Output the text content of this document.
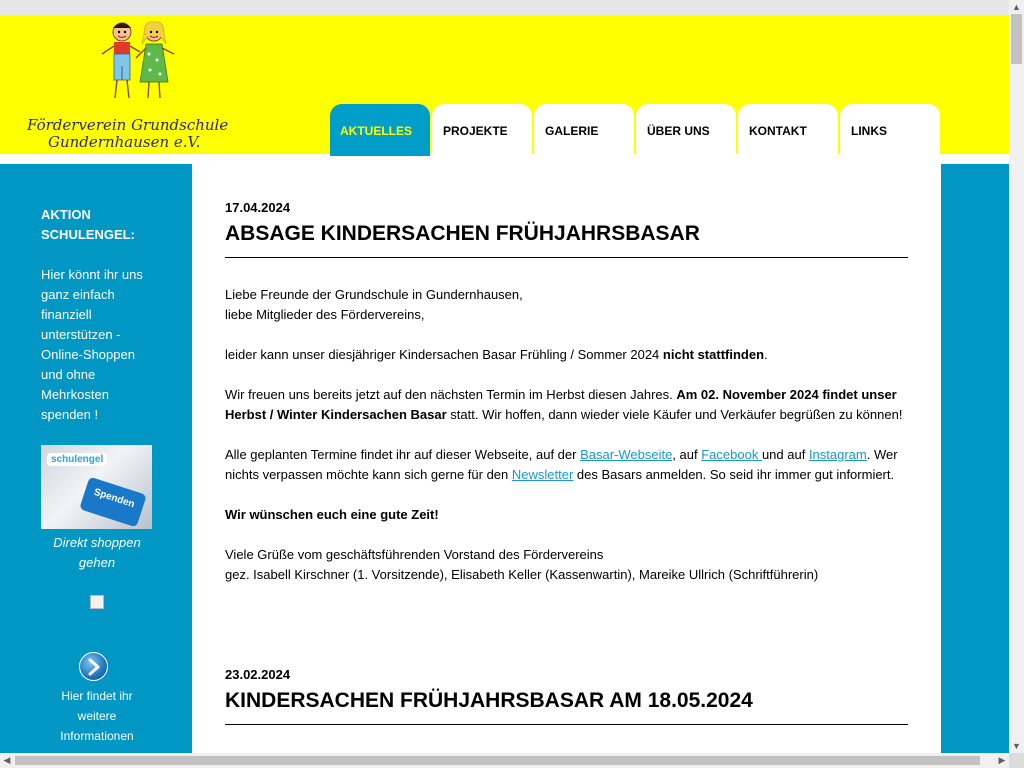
Förderverein Grundschule
Gundernhausen e.V.
AKTUELLES	PROJEKTE	GALERIE	ÜBER UNS	KONTAKT	LINKS
AKTION SCHULENGEL:
Hier könnt ihr uns ganz einfach finanziell unterstützen - Online-Shoppen und ohne Mehrkosten spenden !
schulengel
Spenden
Direkt shoppen gehen
Hier findet ihr weitere Informationen
17.04.2024
ABSAGE KINDERSACHEN FRÜHJAHRSBASAR
Liebe Freunde der Grundschule in Gundernhausen,
liebe Mitglieder des Fördervereins,
leider kann unser diesjähriger Kindersachen Basar Frühling / Sommer 2024 nicht stattfinden.
Wir freuen uns bereits jetzt auf den nächsten Termin im Herbst diesen Jahres. Am 02. November 2024 findet unser Herbst / Winter Kindersachen Basar statt. Wir hoffen, dann wieder viele Käufer und Verkäufer begrüßen zu können!
Alle geplanten Termine findet ihr auf dieser Webseite, auf der Basar-Webseite, auf Facebook und auf Instagram. Wer nichts verpassen möchte kann sich gerne für den Newsletter des Basars anmelden. So seid ihr immer gut informiert.
Wir wünschen euch eine gute Zeit!
Viele Grüße vom geschäftsführenden Vorstand des Fördervereins
gez. Isabell Kirschner (1. Vorsitzende), Elisabeth Keller (Kassenwartin), Mareike Ullrich (Schriftführerin)
23.02.2024
KINDERSACHEN FRÜHJAHRSBASAR AM 18.05.2024
▲
▼
◀	▶
